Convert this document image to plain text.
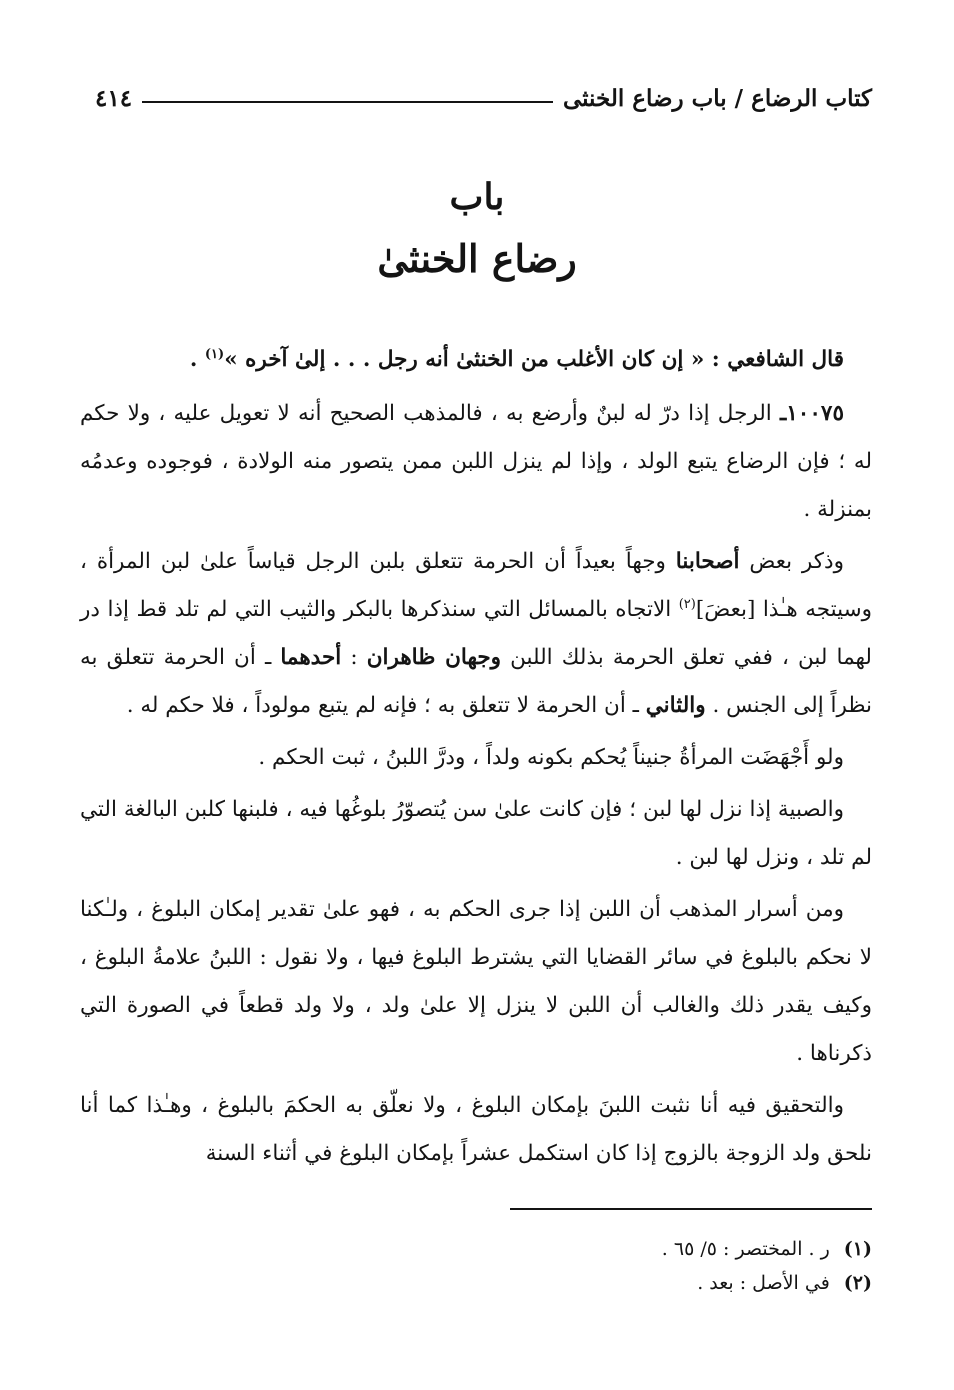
كتاب الرضاع / باب رضاع الخنثى
٤١٤
باب
رضاع الخنثىٰ

قال الشافعي : « إن كان الأغلب من الخنثىٰ أنه رجل . . . إلىٰ آخره »$^{(١)}$ .

١٠٠٧٥ـ الرجل إذا درّ له لبنٌ وأرضع به ، فالمذهب الصحيح أنه لا تعويل عليه ، ولا حكم له ؛ فإن الرضاع يتبع الولد ، وإذا لم ينزل اللبن ممن يتصور منه الولادة ، فوجوده وعدمُه بمنزلة .

وذكر بعض أصحابنا وجهاً بعيداً أن الحرمة تتعلق بلبن الرجل قياساً علىٰ لبن المرأة ، وسيتجه هـٰذا [بعضَ]$^{(٢)}$ الاتجاه بالمسائل التي سنذكرها بالبكر والثيب التي لم تلد قط إذا در لهما لبن ، ففي تعلق الحرمة بذلك اللبن وجهان ظاهران : أحدهما ـ أن الحرمة تتعلق به نظراً إلى الجنس . والثاني ـ أن الحرمة لا تتعلق به ؛ فإنه لم يتبع مولوداً ، فلا حكم له .

ولو أَجْهَضَت المرأةُ جنيناً يُحكم بكونه ولداً ، ودرَّ اللبنُ ، ثبت الحكم .

والصبية إذا نزل لها لبن ؛ فإن كانت علىٰ سن يُتصوّرُ بلوغُها فيه ، فلبنها كلبن البالغة التي لم تلد ، ونزل لها لبن .

ومن أسرار المذهب أن اللبن إذا جرى الحكم به ، فهو علىٰ تقدير إمكان البلوغ ، ولـٰكنا لا نحكم بالبلوغ في سائر القضايا التي يشترط البلوغ فيها ، ولا نقول : اللبنُ علامةُ البلوغ ، وكيف يقدر ذلك والغالب أن اللبن لا ينزل إلا علىٰ ولد ، ولا ولد قطعاً في الصورة التي ذكرناها .

والتحقيق فيه أنا نثبت اللبنَ بإمكان البلوغ ، ولا نعلّق به الحكمَ بالبلوغ ، وهـٰذا كما أنا نلحق ولد الزوجة بالزوج إذا كان استكمل عشراً بإمكان البلوغ في أثناء السنة

(١)ر . المختصر : ٥/ ٦٥ .
(٢)في الأصل : بعد .
